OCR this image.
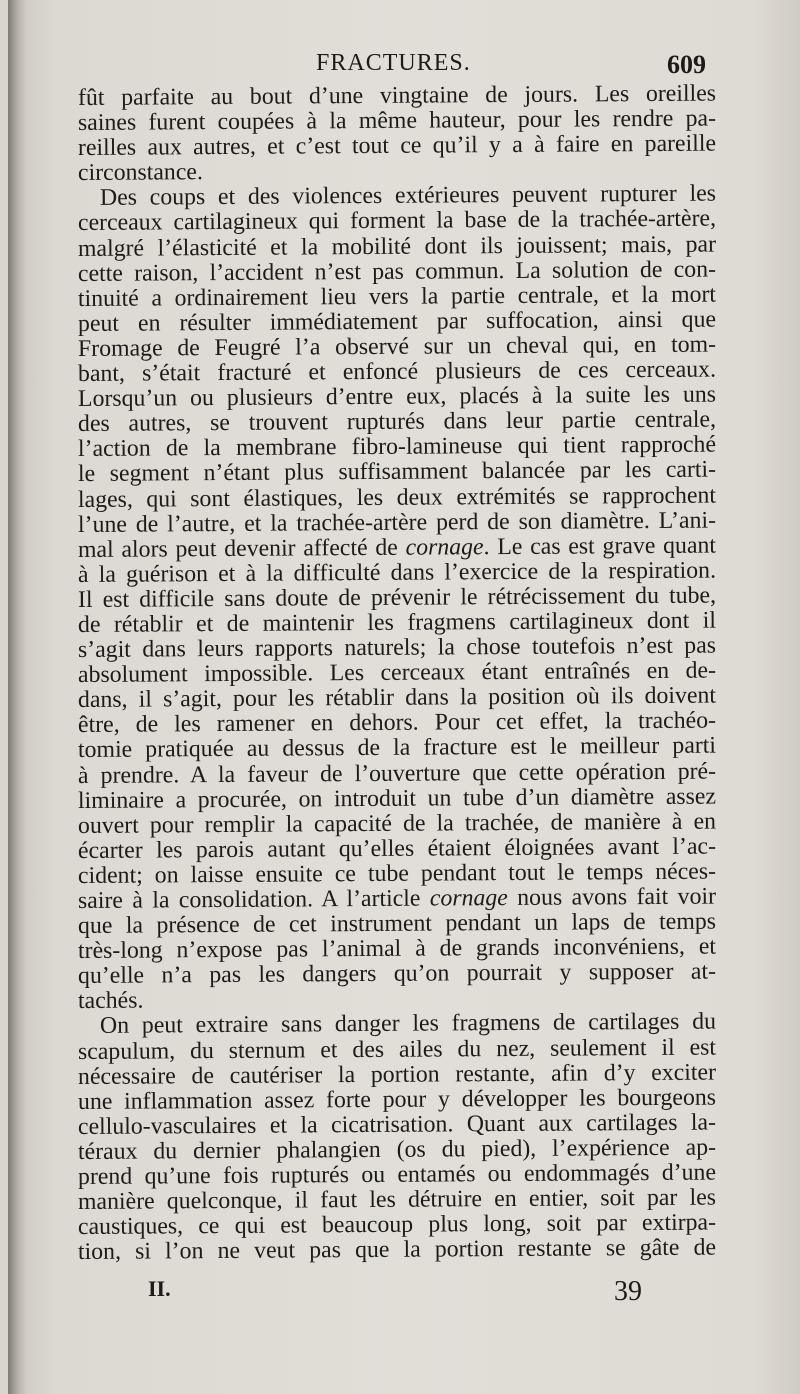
FRACTURES.	609
fût parfaite au bout d’une vingtaine de jours. Les oreilles
saines furent coupées à la même hauteur, pour les rendre pa-
reilles aux autres, et c’est tout ce qu’il y a à faire en pareille
circonstance.
Des coups et des violences extérieures peuvent rupturer les
cerceaux cartilagineux qui forment la base de la trachée-artère,
malgré l’élasticité et la mobilité dont ils jouissent; mais, par
cette raison, l’accident n’est pas commun. La solution de con-
tinuité a ordinairement lieu vers la partie centrale, et la mort
peut en résulter immédiatement par suffocation, ainsi que
Fromage de Feugré l’a observé sur un cheval qui, en tom-
bant, s’était fracturé et enfoncé plusieurs de ces cerceaux.
Lorsqu’un ou plusieurs d’entre eux, placés à la suite les uns
des autres, se trouvent rupturés dans leur partie centrale,
l’action de la membrane fibro-lamineuse qui tient rapproché
le segment n’étant plus suffisamment balancée par les carti-
lages, qui sont élastiques, les deux extrémités se rapprochent
l’une de l’autre, et la trachée-artère perd de son diamètre. L’ani-
mal alors peut devenir affecté de cornage. Le cas est grave quant
à la guérison et à la difficulté dans l’exercice de la respiration.
Il est difficile sans doute de prévenir le rétrécissement du tube,
de rétablir et de maintenir les fragmens cartilagineux dont il
s’agit dans leurs rapports naturels; la chose toutefois n’est pas
absolument impossible. Les cerceaux étant entraînés en de-
dans, il s’agit, pour les rétablir dans la position où ils doivent
être, de les ramener en dehors. Pour cet effet, la trachéo-
tomie pratiquée au dessus de la fracture est le meilleur parti
à prendre. A la faveur de l’ouverture que cette opération pré-
liminaire a procurée, on introduit un tube d’un diamètre assez
ouvert pour remplir la capacité de la trachée, de manière à en
écarter les parois autant qu’elles étaient éloignées avant l’ac-
cident; on laisse ensuite ce tube pendant tout le temps néces-
saire à la consolidation. A l’article cornage nous avons fait voir
que la présence de cet instrument pendant un laps de temps
très-long n’expose pas l’animal à de grands inconvéniens, et
qu’elle n’a pas les dangers qu’on pourrait y supposer at-
tachés.
On peut extraire sans danger les fragmens de cartilages du
scapulum, du sternum et des ailes du nez, seulement il est
nécessaire de cautériser la portion restante, afin d’y exciter
une inflammation assez forte pour y développer les bourgeons
cellulo-vasculaires et la cicatrisation. Quant aux cartilages la-
téraux du dernier phalangien (os du pied), l’expérience ap-
prend qu’une fois rupturés ou entamés ou endommagés d’une
manière quelconque, il faut les détruire en entier, soit par les
caustiques, ce qui est beaucoup plus long, soit par extirpa-
tion, si l’on ne veut pas que la portion restante se gâte de
II.	39
